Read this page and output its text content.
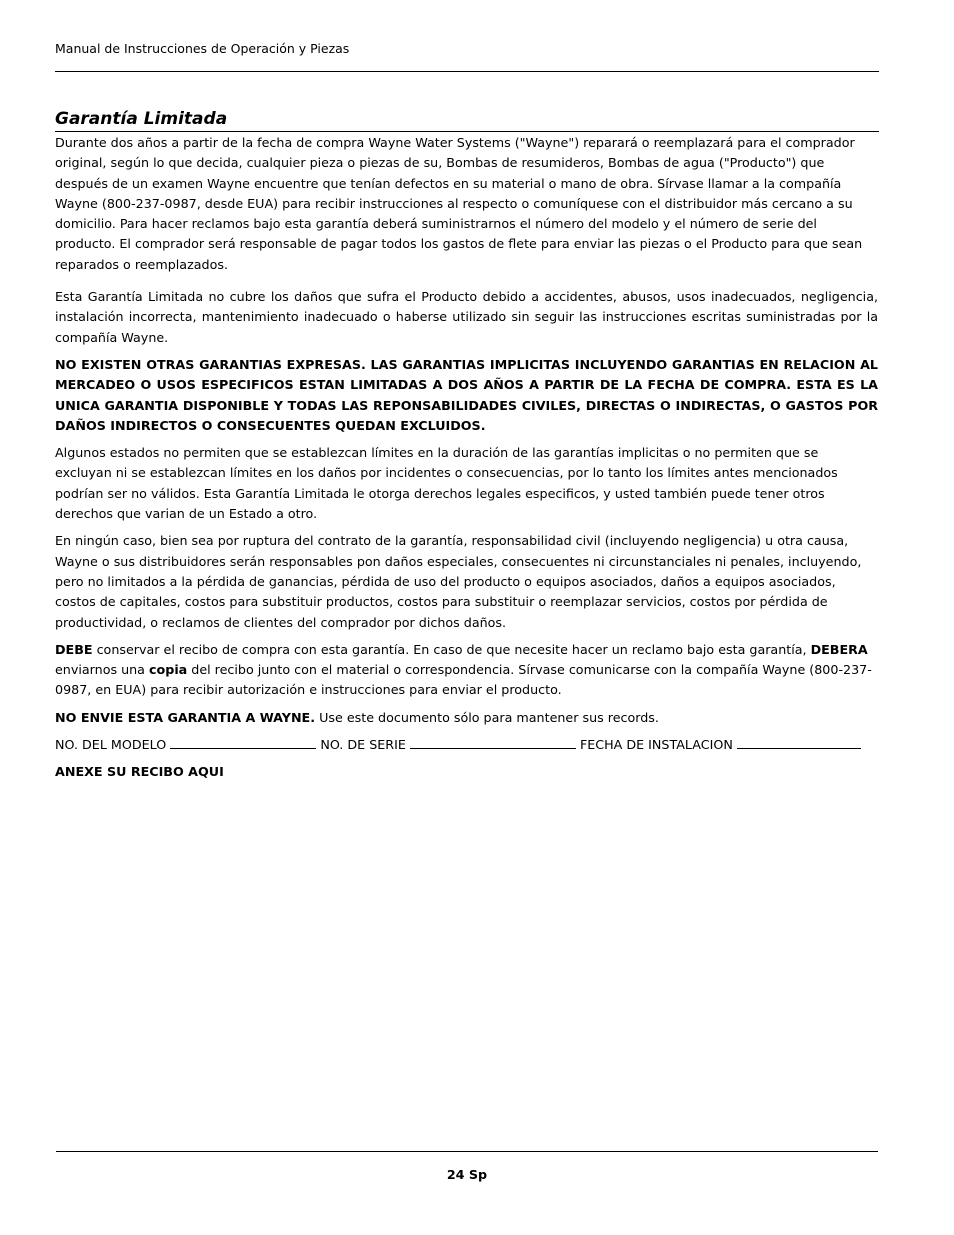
Manual de Instrucciones de Operación y Piezas
Garantía Limitada

Durante dos años a partir de la fecha de compra Wayne Water Systems ("Wayne") reparará o reemplazará para el comprador original, según lo que decida, cualquier pieza o piezas de su, Bombas de resumideros, Bombas de agua ("Producto") que después de un examen Wayne encuentre que tenían defectos en su material o mano de obra. Sírvase llamar a la compañía Wayne (800-237-0987, desde EUA) para recibir instrucciones al respecto o comuníquese con el distribuidor más cercano a su domicilio. Para hacer reclamos bajo esta garantía deberá suministrarnos el número del modelo y el número de serie del producto. El comprador será responsable de pagar todos los gastos de flete para enviar las piezas o el Producto para que sean reparados o reemplazados.

Esta Garantía Limitada no cubre los daños que sufra el Producto debido a accidentes, abusos, usos inadecuados, negligencia, instalación incorrecta, mantenimiento inadecuado o haberse utilizado sin seguir las instrucciones escritas suministradas por la compañía Wayne.

NO EXISTEN OTRAS GARANTIAS EXPRESAS. LAS GARANTIAS IMPLICITAS INCLUYENDO GARANTIAS EN RELACION AL MERCADEO O USOS ESPECIFICOS ESTAN LIMITADAS A DOS AÑOS A PARTIR DE LA FECHA DE COMPRA. ESTA ES LA UNICA GARANTIA DISPONIBLE Y TODAS LAS REPONSABILIDADES CIVILES, DIRECTAS O INDIRECTAS, O GASTOS POR DAÑOS INDIRECTOS O CONSECUENTES QUEDAN EXCLUIDOS.

Algunos estados no permiten que se establezcan límites en la duración de las garantías implicitas o no permiten que se excluyan ni se establezcan límites en los daños por incidentes o consecuencias, por lo tanto los límites antes mencionados podrían ser no válidos. Esta Garantía Limitada le otorga derechos legales especificos, y usted también puede tener otros derechos que varian de un Estado a otro.

En ningún caso, bien sea por ruptura del contrato de la garantía, responsabilidad civil (incluyendo negligencia) u otra causa, Wayne o sus distribuidores serán responsables pon daños especiales, consecuentes ni circunstanciales ni penales, incluyendo, pero no limitados a la pérdida de ganancias, pérdida de uso del producto o equipos asociados, daños a equipos asociados, costos de capitales, costos para substituir productos, costos para substituir o reemplazar servicios, costos por pérdida de productividad, o reclamos de clientes del comprador por dichos daños.

DEBE conservar el recibo de compra con esta garantía. En caso de que necesite hacer un reclamo bajo esta garantía, DEBERA enviarnos una copia del recibo junto con el material o correspondencia. Sírvase comunicarse con la compañía Wayne (800-237-0987, en EUA) para recibir autorización e instrucciones para enviar el producto.

NO ENVIE ESTA GARANTIA A WAYNE. Use este documento sólo para mantener sus records.

NO. DEL MODELO	NO. DE SERIE	FECHA DE INSTALACION

ANEXE SU RECIBO AQUI

24 Sp
